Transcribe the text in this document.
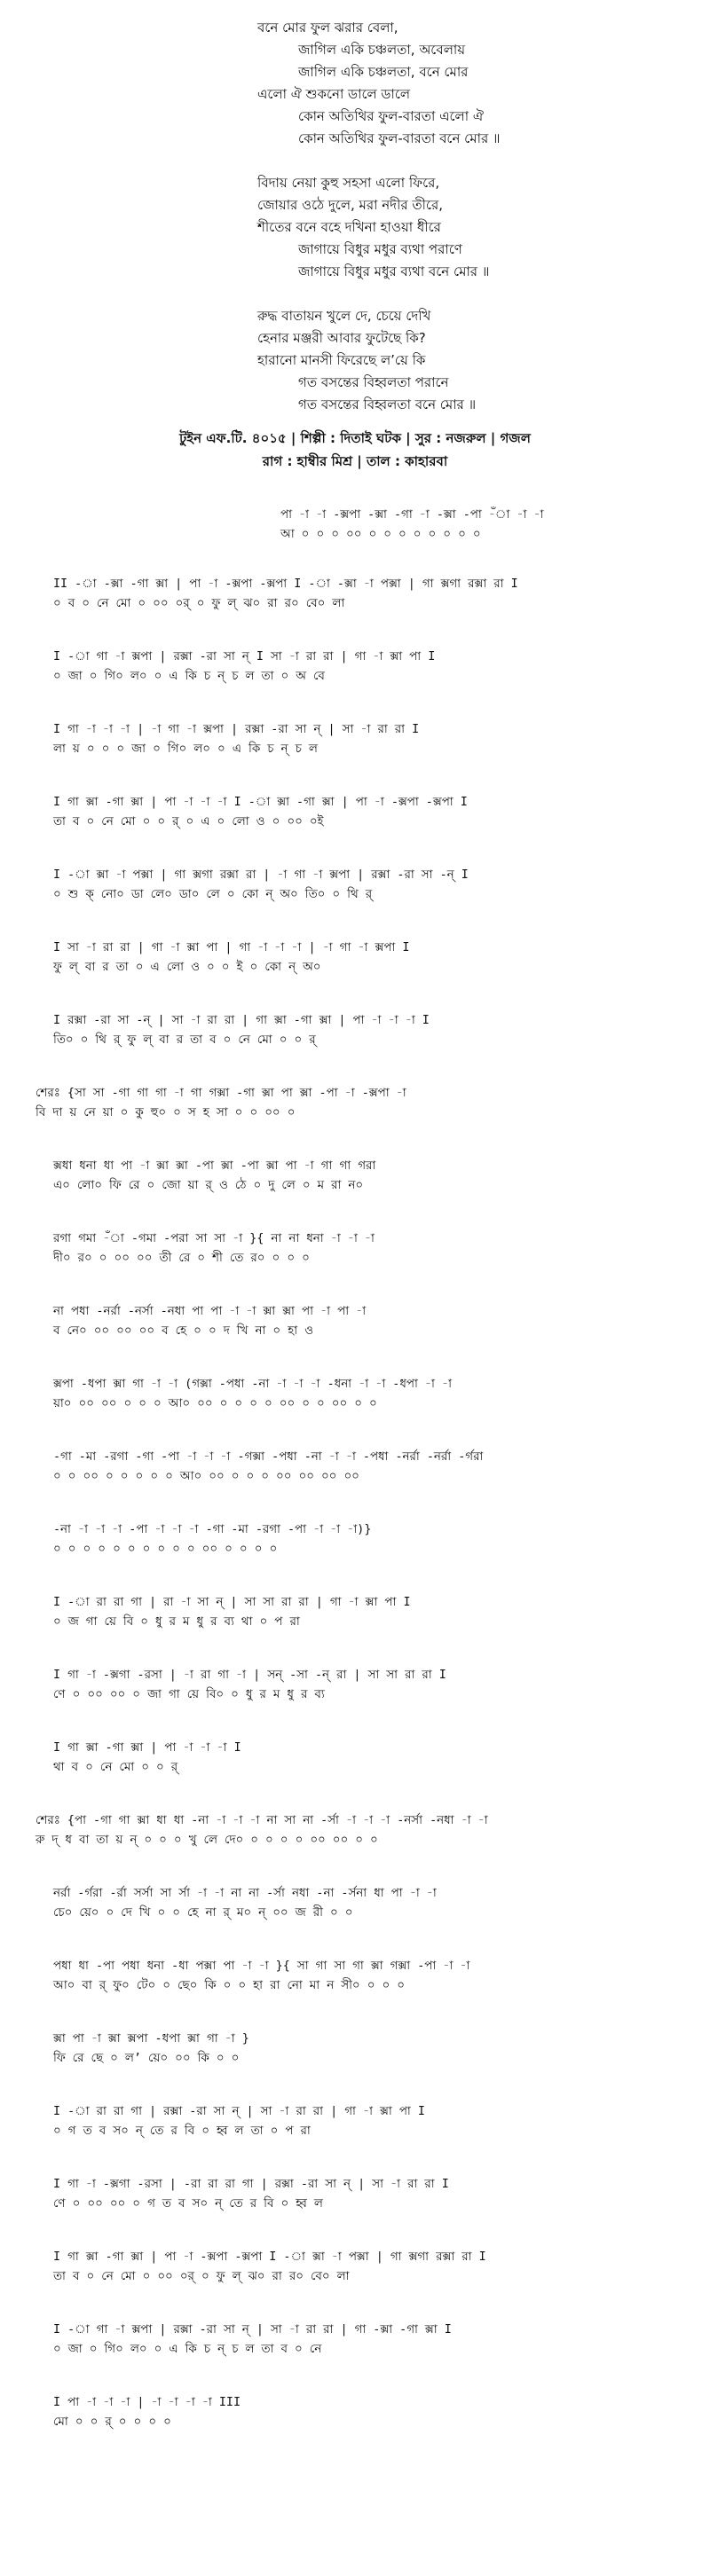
বনে মোর ফুল ঝরার বেলা,
জাগিল একি চঞ্চলতা, অবেলায়
জাগিল একি চঞ্চলতা, বনে মোর
এলো ঐ শুকনো ডালে ডালে
কোন অতিথির ফুল-বারতা এলো ঐ
কোন অতিথির ফুল-বারতা বনে মোর ॥
বিদায় নেয়া কুহু সহসা এলো ফিরে,
জোয়ার ওঠে দুলে, মরা নদীর তীরে,
শীতের বনে বহে দখিনা হাওয়া ধীরে
জাগায়ে বিধুর মধুর ব্যথা পরাণে
জাগায়ে বিধুর মধুর ব্যথা বনে মোর ॥
রুদ্ধ বাতায়ন খুলে দে, চেয়ে দেখি
হেনার মঞ্জরী আবার ফুটেছে কি?
হারানো মানসী ফিরেছে ল’য়ে কি
গত বসন্তের বিহ্বলতা পরানে
গত বসন্তের বিহ্বলতা বনে মোর ॥
টুইন এফ.টি. ৪০১৫ | শিল্পী : দিতাই ঘটক | সুর : নজরুল | গজল
রাগ : হাম্বীর মিশ্র | তাল : কাহারবা
পা -া -া -ক্সপা -ক্সা -গা -া -ক্সা -পা -ঁা -া -া
আ ০ ০ ০ ০০ ০ ০ ০ ০ ০ ০ ০ ০
II -া -ক্সা -গা ক্সা | পা -া -ক্সপা -ক্সপা I -া -ক্সা -া পক্সা | গা ক্সগা রক্সা রা I
০ ব ০ নে মো ০ ০০ ০র্ ০ ফু ল্ ঝ০ রা র০ বে০ লা
I -া গা -া ক্সপা | রক্সা -রা সা ন্ I সা -া রা রা | গা -া ক্সা পা I
০ জা ০ গি০ ল০ ০ এ কি চ ন্ চ ল তা ০ অ বে
I গা -া -া -া | -া গা -া ক্সপা | রক্সা -রা সা ন্ | সা -া রা রা I
লা য় ০ ০ ০ জা ০ গি০ ল০ ০ এ কি চ ন্ চ ল
I গা ক্সা -গা ক্সা | পা -া -া -া I -া ক্সা -গা ক্সা | পা -া -ক্সপা -ক্সপা I
তা ব ০ নে মো ০ ০ র্ ০ এ ০ লো ও ০ ০০ ০ই
I -া ক্সা -া পক্সা | গা ক্সগা রক্সা রা | -া গা -া ক্সপা | রক্সা -রা সা -ন্ I
০ শু ক্ নো০ ডা লে০ ডা০ লে ০ কো ন্ অ০ তি০ ০ থি র্
I সা -া রা রা | গা -া ক্সা পা | গা -া -া -া | -া গা -া ক্সপা I
ফু ল্ বা র তা ০ এ লো ও ০ ০ ই ০ কো ন্ অ০
I রক্সা -রা সা -ন্ | সা -া রা রা | গা ক্সা -গা ক্সা | পা -া -া -া I
তি০ ০ থি র্ ফু ল্ বা র তা ব ০ নে মো ০ ০ র্
শেরঃ {সা সা -গা গা গা -া গা গক্সা -গা ক্সা পা ক্সা -পা -া -ক্সপা -া
বি দা য় নে য়া ০ কু হু০ ০ স হ সা ০ ০ ০০ ০
ক্সধা ধনা ধা পা -া ক্সা ক্সা -পা ক্সা -পা ক্সা পা -া গা গা গরা
এ০ লো০ ফি রে ০ জো য়া র্ ও ঠে ০ দু লে ০ ম রা ন০
রগা গমা -ঁা -গমা -পরা সা সা -া }{ না না ধনা -া -া -া
দী০ র০ ০ ০০ ০০ তী রে ০ শী তে র০ ০ ০ ০
না পধা -নর্রা -নর্সা -নধা পা পা -া -া ক্সা ক্সা পা -া পা -া
ব নে০ ০০ ০০ ০০ ব হে ০ ০ দ খি না ০ হা ও
ক্সপা -ধপা ক্সা গা -া -া (গক্সা -পধা -না -া -া -া -ধনা -া -া -ধপা -া -া
য়া০ ০০ ০০ ০ ০ ০ আ০ ০০ ০ ০ ০ ০ ০০ ০ ০ ০০ ০ ০
-গা -মা -রগা -গা -পা -া -া -া -গক্সা -পধা -না -া -া -পধা -নর্রা -নর্রা -র্গরা
০ ০ ০০ ০ ০ ০ ০ ০ আ০ ০০ ০ ০ ০ ০০ ০০ ০০ ০০
-না -া -া -া -পা -া -া -া -গা -মা -রগা -পা -া -া -া)}
০ ০ ০ ০ ০ ০ ০ ০ ০ ০ ০০ ০ ০ ০ ০
I -া রা রা গা | রা -া সা ন্ | সা সা রা রা | গা -া ক্সা পা I
০ জ গা য়ে বি ০ ধু র ম ধু র ব্য থা ০ প রা
I গা -া -ক্সগা -রসা | -া রা গা -া | সন্ -সা -ন্ রা | সা সা রা রা I
ণে ০ ০০ ০০ ০ জা গা য়ে বি০ ০ ধু র ম ধু র ব্য
I গা ক্সা -গা ক্সা | পা -া -া -া I
থা ব ০ নে মো ০ ০ র্
শেরঃ {পা -গা গা ক্সা ধা ধা -না -া -া -া না সা না -র্সা -া -া -া -নর্সা -নধা -া -া
রু দ্ ধ বা তা য় ন্ ০ ০ ০ খু লে দে০ ০ ০ ০ ০ ০০ ০০ ০ ০
নর্রা -র্গরা -র্রা সর্সা সা র্সা -া -া না না -র্সা নধা -না -র্সনা ধা পা -া -া
চে০ য়ে০ ০ দে খি ০ ০ হে না র্ ম০ ন্ ০০ জ রী ০ ০
পধা ধা -পা পধা ধনা -ধা পক্সা পা -া -া }{ সা গা সা গা ক্সা গক্সা -পা -া -া
আ০ বা র্ ফু০ টে০ ০ ছে০ কি ০ ০ হা রা নো মা ন সী০ ০ ০ ০
ক্সা পা -া ক্সা ক্সপা -ধপা ক্সা গা -া }
ফি রে ছে ০ ল’ য়ে০ ০০ কি ০ ০
I -া রা রা গা | রক্সা -রা সা ন্ | সা -া রা রা | গা -া ক্সা পা I
০ গ ত ব স০ ন্ তে র বি ০ হ্ব ল তা ০ প রা
I গা -া -ক্সগা -রসা | -রা রা রা গা | রক্সা -রা সা ন্ | সা -া রা রা I
ণে ০ ০০ ০০ ০ গ ত ব স০ ন্ তে র বি ০ হ্ব ল
I গা ক্সা -গা ক্সা | পা -া -ক্সপা -ক্সপা I -া ক্সা -া পক্সা | গা ক্সগা রক্সা রা I
তা ব ০ নে মো ০ ০০ ০র্ ০ ফু ল্ ঝ০ রা র০ বে০ লা
I -া গা -া ক্সপা | রক্সা -রা সা ন্ | সা -া রা রা | গা -ক্সা -গা ক্সা I
০ জা ০ গি০ ল০ ০ এ কি চ ন্ চ ল তা ব ০ নে
I পা -া -া -া | -া -া -া -া III
মো ০ ০ র্ ০ ০ ০ ০
